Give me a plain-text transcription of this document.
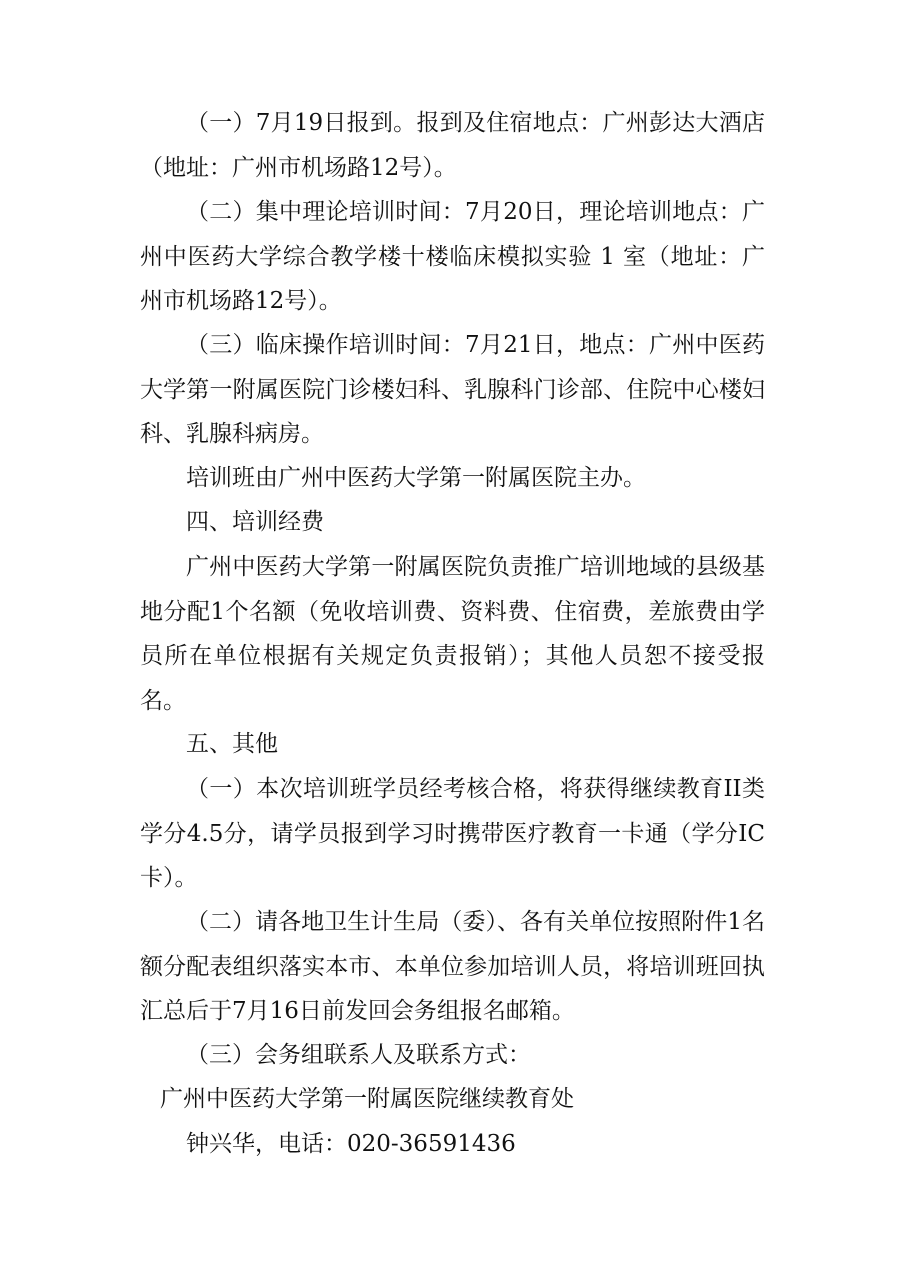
（一）7月19日报到。报到及住宿地点：广州彭达大酒店（地址：广州市机场路12号）。

（二）集中理论培训时间：7月20日，理论培训地点：广州中医药大学综合教学楼十楼临床模拟实验 1 室（地址：广州市机场路12号）。

（三）临床操作培训时间：7月21日，地点：广州中医药大学第一附属医院门诊楼妇科、乳腺科门诊部、住院中心楼妇科、乳腺科病房。

培训班由广州中医药大学第一附属医院主办。

四、培训经费

广州中医药大学第一附属医院负责推广培训地域的县级基地分配1个名额（免收培训费、资料费、住宿费，差旅费由学员所在单位根据有关规定负责报销）；其他人员恕不接受报名。

五、其他

（一）本次培训班学员经考核合格，将获得继续教育II类学分4.5分，请学员报到学习时携带医疗教育一卡通（学分IC卡）。

（二）请各地卫生计生局（委）、各有关单位按照附件1名额分配表组织落实本市、本单位参加培训人员，将培训班回执汇总后于7月16日前发回会务组报名邮箱。

（三）会务组联系人及联系方式：

广州中医药大学第一附属医院继续教育处

钟兴华，电话：020-36591436
